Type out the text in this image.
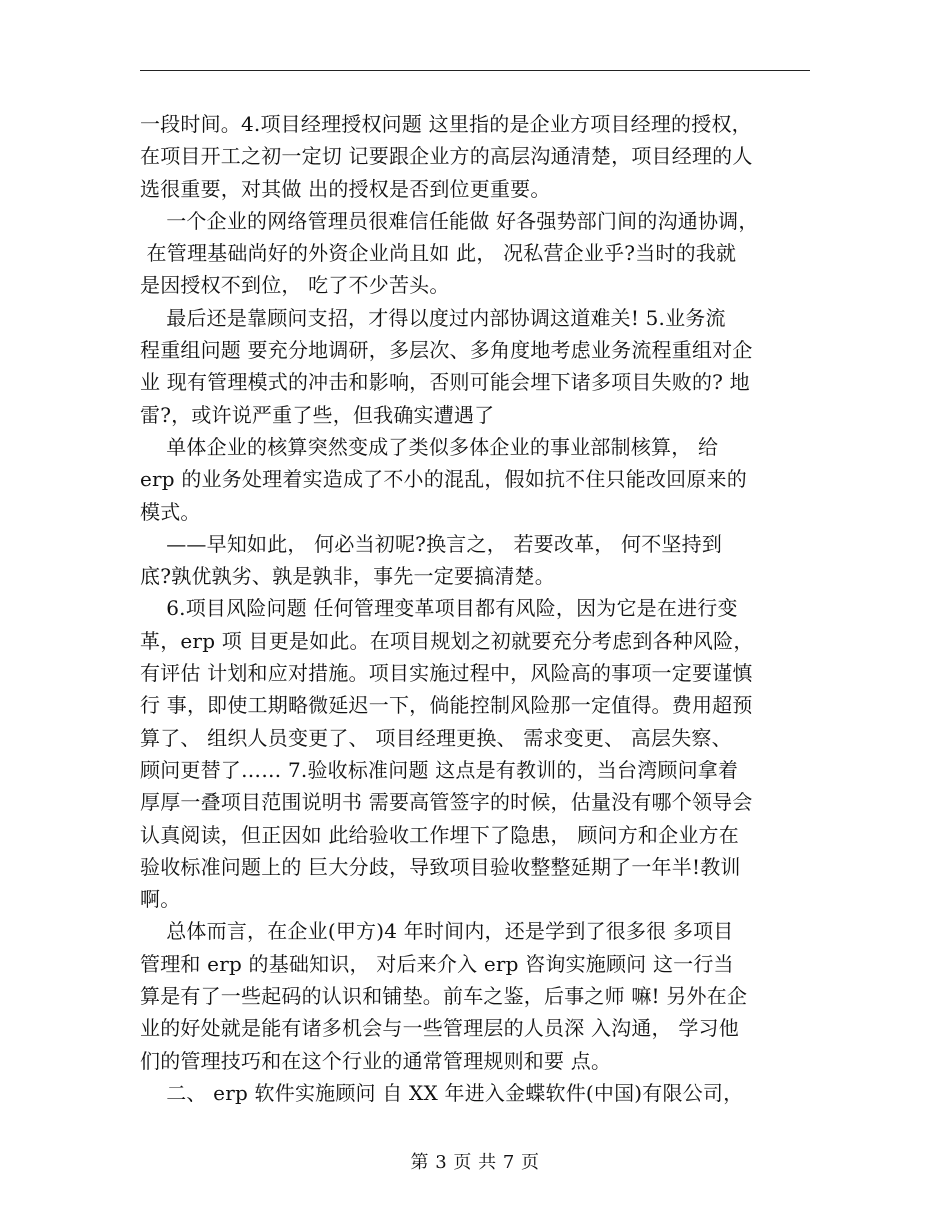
一段时间。4.项目经理授权问题 这里指的是企业方项目经理的授权，
在项目开工之初一定切 记要跟企业方的高层沟通清楚，项目经理的人
选很重要，对其做 出的授权是否到位更重要。
一个企业的网络管理员很难信任能做 好各强势部门间的沟通协调，
在管理基础尚好的外资企业尚且如 此， 况私营企业乎?当时的我就
是因授权不到位， 吃了不少苦头。
最后还是靠顾问支招，才得以度过内部协调这道难关! 5.业务流
程重组问题 要充分地调研，多层次、多角度地考虑业务流程重组对企
业 现有管理模式的冲击和影响，否则可能会埋下诸多项目失败的? 地
雷?，或许说严重了些，但我确实遭遇了
单体企业的核算突然变成了类似多体企业的事业部制核算， 给
erp 的业务处理着实造成了不小的混乱，假如抗不住只能改回原来的
模式。
——早知如此， 何必当初呢?换言之， 若要改革， 何不坚持到
底?孰优孰劣、孰是孰非，事先一定要搞清楚。
6.项目风险问题 任何管理变革项目都有风险，因为它是在进行变
革，erp 项 目更是如此。在项目规划之初就要充分考虑到各种风险，
有评估 计划和应对措施。项目实施过程中，风险高的事项一定要谨慎
行 事，即使工期略微延迟一下，倘能控制风险那一定值得。费用超预
算了、 组织人员变更了、 项目经理更换、 需求变更、 高层失察、
顾问更替了…… 7.验收标准问题 这点是有教训的，当台湾顾问拿着
厚厚一叠项目范围说明书 需要高管签字的时候，估量没有哪个领导会
认真阅读，但正因如 此给验收工作埋下了隐患， 顾问方和企业方在
验收标准问题上的 巨大分歧，导致项目验收整整延期了一年半!教训
啊。
总体而言，在企业(甲方)4 年时间内，还是学到了很多很 多项目
管理和 erp 的基础知识， 对后来介入 erp 咨询实施顾问 这一行当
算是有了一些起码的认识和铺垫。前车之鉴，后事之师 嘛! 另外在企
业的好处就是能有诸多机会与一些管理层的人员深 入沟通， 学习他
们的管理技巧和在这个行业的通常管理规则和要 点。
二、 erp 软件实施顾问 自 XX 年进入金蝶软件(中国)有限公司，
第 3 页 共 7 页
